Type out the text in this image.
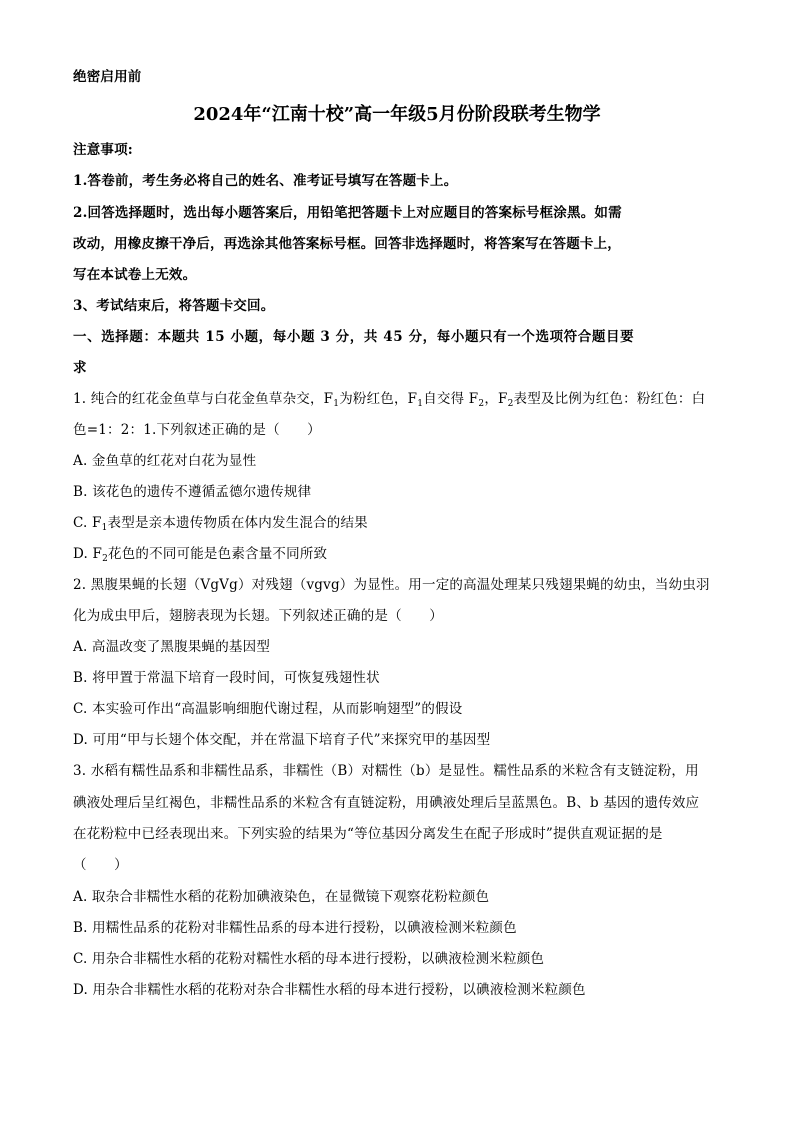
绝密启用前
2024年“江南十校”高一年级5月份阶段联考生物学
注意事项:
1.答卷前，考生务必将自己的姓名、准考证号填写在答题卡上。
2.回答选择题时，选出每小题答案后，用铅笔把答题卡上对应题目的答案标号框涂黑。如需
改动，用橡皮擦干净后，再选涂其他答案标号框。回答非选择题时，将答案写在答题卡上，
写在本试卷上无效。
3、考试结束后，将答题卡交回。
一、选择题：本题共 15 小题，每小题 3 分，共 45 分，每小题只有一个选项符合题目要
求
1. 纯合的红花金鱼草与白花金鱼草杂交，$F_1$为粉红色，$F_1$自交得 $F_2$，$F_2$表型及比例为红色：粉红色：白
色=1：2：1.下列叙述正确的是（　　）
A. 金鱼草的红花对白花为显性
B. 该花色的遗传不遵循孟德尔遗传规律
C. $F_1$表型是亲本遗传物质在体内发生混合的结果
D. $F_2$花色的不同可能是色素含量不同所致
2. 黑腹果蝇的长翅（VgVg）对残翅（vgvg）为显性。用一定的高温处理某只残翅果蝇的幼虫，当幼虫羽
化为成虫甲后，翅膀表现为长翅。下列叙述正确的是（　　）
A. 高温改变了黑腹果蝇的基因型
B. 将甲置于常温下培育一段时间，可恢复残翅性状
C. 本实验可作出“高温影响细胞代谢过程，从而影响翅型”的假设
D. 可用“甲与长翅个体交配，并在常温下培育子代”来探究甲的基因型
3. 水稻有糯性品系和非糯性品系，非糯性（B）对糯性（b）是显性。糯性品系的米粒含有支链淀粉，用
碘液处理后呈红褐色，非糯性品系的米粒含有直链淀粉，用碘液处理后呈蓝黑色。B、b 基因的遗传效应
在花粉粒中已经表现出来。下列实验的结果为“等位基因分离发生在配子形成时”提供直观证据的是
（　　）
A. 取杂合非糯性水稻的花粉加碘液染色，在显微镜下观察花粉粒颜色
B. 用糯性品系的花粉对非糯性品系的母本进行授粉，以碘液检测米粒颜色
C. 用杂合非糯性水稻的花粉对糯性水稻的母本进行授粉，以碘液检测米粒颜色
D. 用杂合非糯性水稻的花粉对杂合非糯性水稻的母本进行授粉，以碘液检测米粒颜色
